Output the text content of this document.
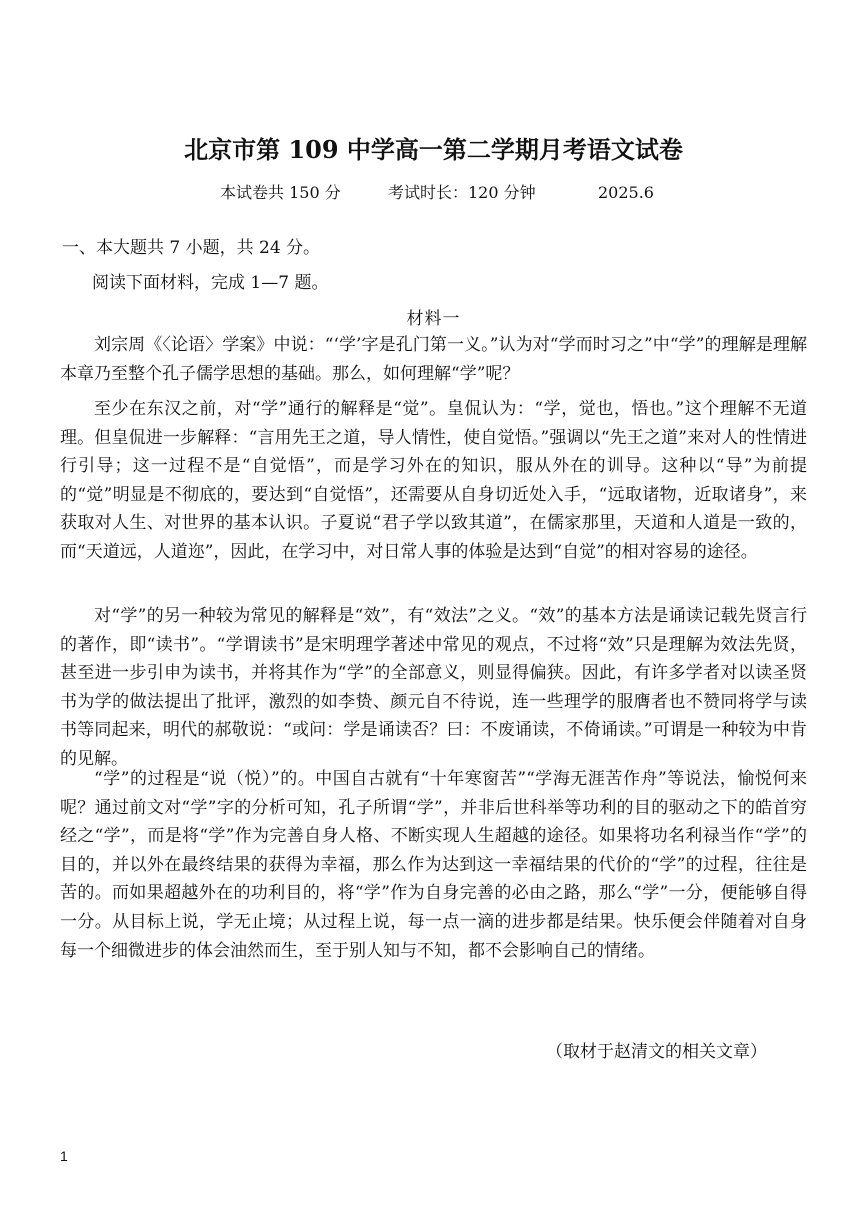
北京市第 109 中学高一第二学期月考语文试卷
本试卷共 150 分	考试时长：120 分钟	2025.6
一、本大题共 7 小题，共 24 分。
阅读下面材料，完成 1—7 题。
材料一

刘宗周《〈论语〉学案》中说：“‘学’字是孔门第一义。”认为对“学而时习之”中“学”的理解是理解本章乃至整个孔子儒学思想的基础。那么，如何理解“学”呢？

至少在东汉之前，对“学”通行的解释是“觉”。皇侃认为：“学，觉也，悟也。”这个理解不无道理。但皇侃进一步解释：“言用先王之道，导人情性，使自觉悟。”强调以“先王之道”来对人的性情进行引导；这一过程不是“自觉悟”，而是学习外在的知识，服从外在的训导。这种以“导”为前提的“觉”明显是不彻底的，要达到“自觉悟”，还需要从自身切近处入手，“远取诸物，近取诸身”，来获取对人生、对世界的基本认识。子夏说“君子学以致其道”，在儒家那里，天道和人道是一致的，而“天道远，人道迩”，因此，在学习中，对日常人事的体验是达到“自觉”的相对容易的途径。

对“学”的另一种较为常见的解释是“效”，有“效法”之义。“效”的基本方法是诵读记载先贤言行的著作，即“读书”。“学谓读书”是宋明理学著述中常见的观点，不过将“效”只是理解为效法先贤，甚至进一步引申为读书，并将其作为“学”的全部意义，则显得偏狭。因此，有许多学者对以读圣贤书为学的做法提出了批评，激烈的如李贽、颜元自不待说，连一些理学的服膺者也不赞同将学与读书等同起来，明代的郝敬说：“或问：学是诵读否？曰：不废诵读，不倚诵读。”可谓是一种较为中肯的见解。

“学”的过程是“说（悦）”的。中国自古就有“十年寒窗苦”“学海无涯苦作舟”等说法，愉悦何来呢？通过前文对“学”字的分析可知，孔子所谓“学”，并非后世科举等功利的目的驱动之下的皓首穷经之“学”，而是将“学”作为完善自身人格、不断实现人生超越的途径。如果将功名利禄当作“学”的目的，并以外在最终结果的获得为幸福，那么作为达到这一幸福结果的代价的“学”的过程，往往是苦的。而如果超越外在的功利目的，将“学”作为自身完善的必由之路，那么“学”一分，便能够自得一分。从目标上说，学无止境；从过程上说，每一点一滴的进步都是结果。快乐便会伴随着对自身每一个细微进步的体会油然而生，至于别人知与不知，都不会影响自己的情绪。

（取材于赵清文的相关文章）
1
